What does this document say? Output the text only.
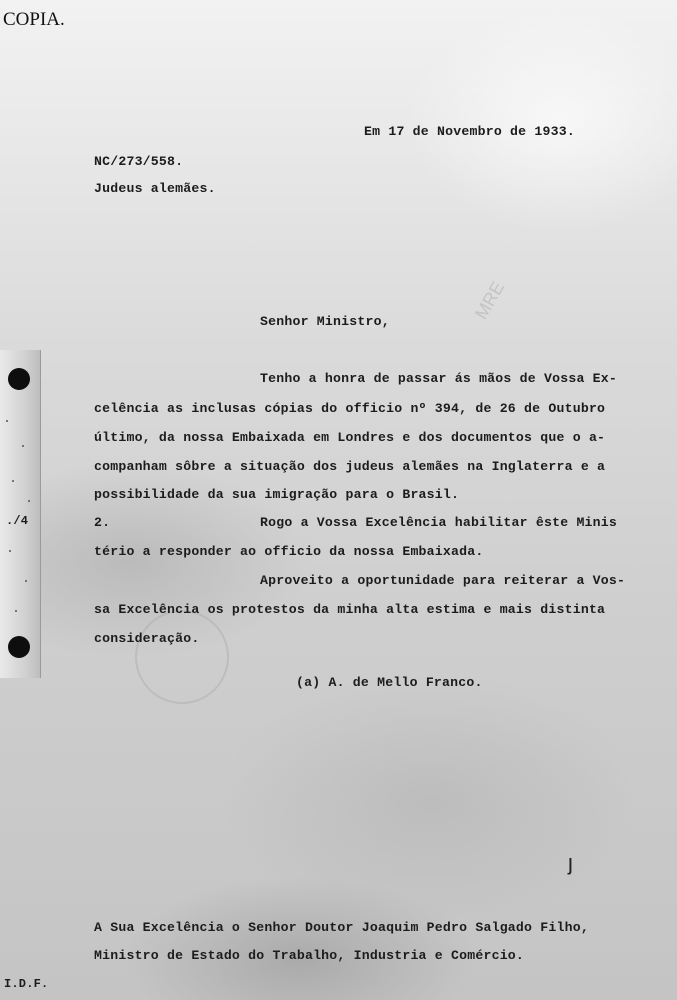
MRE
COPIA.
Em 17 de Novembro de 1933.
NC/273/558.
Judeus alemães.
Senhor Ministro,
Tenho a honra de passar ás mãos de Vossa Ex-
celência as inclusas cópias do officio nº 394, de 26 de Outubro
último, da nossa Embaixada em Londres e dos documentos que o a-
companham sôbre a situação dos judeus alemães na Inglaterra e a
possibilidade da sua imigração para o Brasil.
2.	Rogo a Vossa Excelência habilitar êste Minis
tério a responder ao officio da nossa Embaixada.
Aproveito a oportunidade para reiterar a Vos-
sa Excelência os protestos da minha alta estima e mais distinta
consideração.
(a) A. de Mello Franco.
A Sua Excelência o Senhor Doutor Joaquim Pedro Salgado Filho,
Ministro de Estado do Trabalho, Industria e Comércio.
I.D.F.
./4
ȷ
